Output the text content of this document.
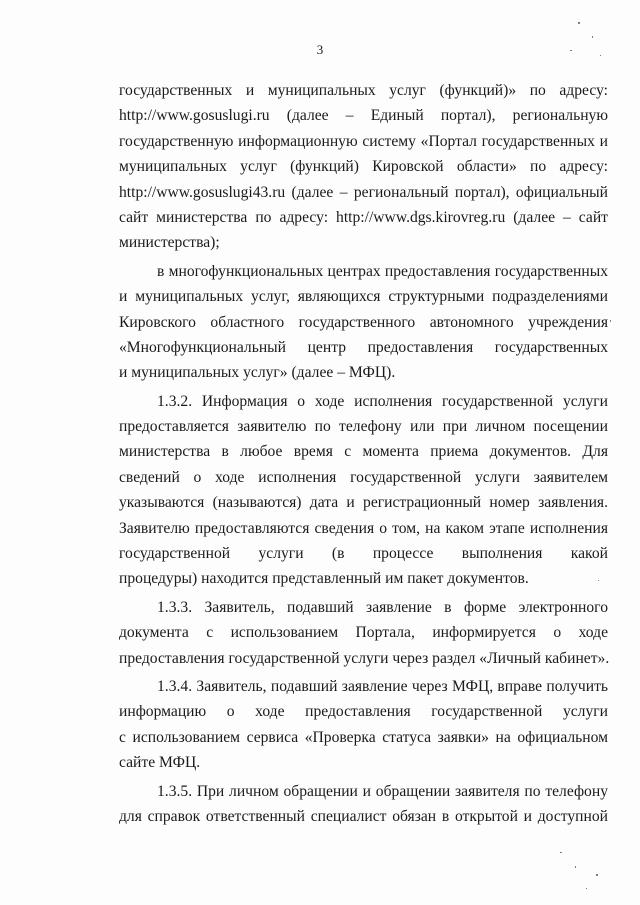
3
государственных и муниципальных услуг (функций)» по адресу:
http://www.gosuslugi.ru (далее – Единый портал), региональную
государственную информационную систему «Портал государственных и
муниципальных услуг (функций) Кировской области» по адресу:
http://www.gosuslugi43.ru (далее – региональный портал), официальный
сайт министерства по адресу: http://www.dgs.kirovreg.ru (далее – сайт
министерства);
в многофункциональных центрах предоставления государственных
и муниципальных услуг, являющихся структурными подразделениями
Кировского областного государственного автономного учреждения
«Многофункциональный центр предоставления государственных
и муниципальных услуг» (далее – МФЦ).
1.3.2. Информация о ходе исполнения государственной услуги
предоставляется заявителю по телефону или при личном посещении
министерства в любое время с момента приема документов. Для
сведений о ходе исполнения государственной услуги заявителем
указываются (называются) дата и регистрационный номер заявления.
Заявителю предоставляются сведения о том, на каком этапе исполнения
государственной услуги (в процессе выполнения какой
процедуры) находится представленный им пакет документов.
1.3.3. Заявитель, подавший заявление в форме электронного
документа с использованием Портала, информируется о ходе
предоставления государственной услуги через раздел «Личный кабинет».
1.3.4. Заявитель, подавший заявление через МФЦ, вправе получить
информацию о ходе предоставления государственной услуги
с использованием сервиса «Проверка статуса заявки» на официальном
сайте МФЦ.
1.3.5. При личном обращении и обращении заявителя по телефону
для справок ответственный специалист обязан в открытой и доступной
